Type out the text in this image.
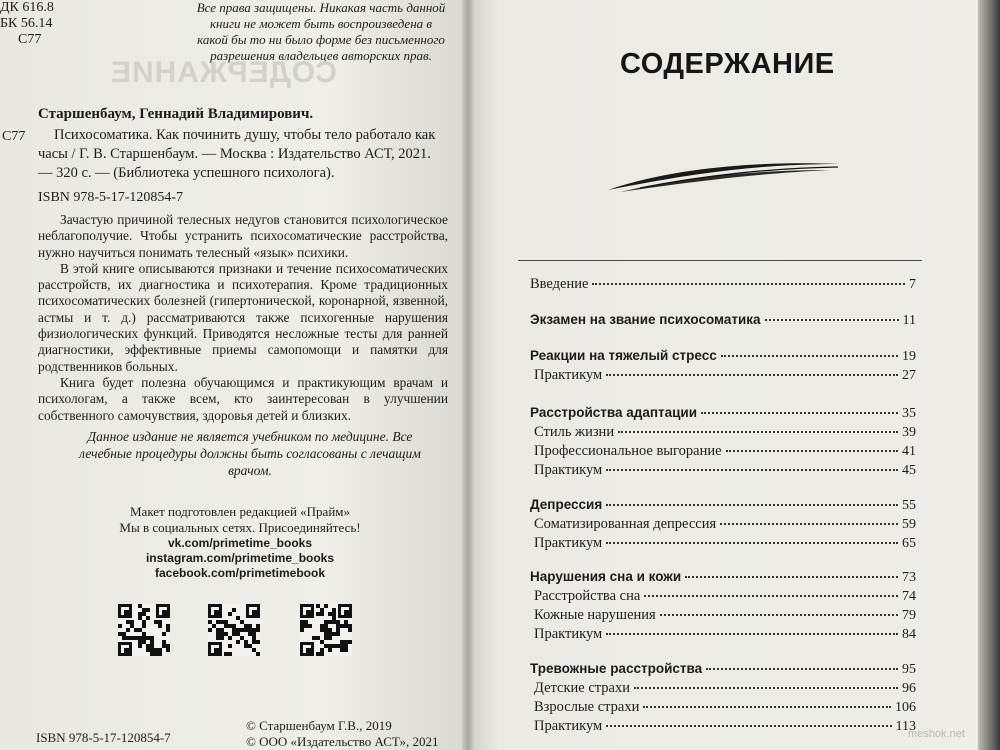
ДК 616.8
БК 56.14
С77
Все права защищены. Никакая часть данной книги не может быть воспроизведена в какой бы то ни было форме без письменного разрешения владельцев авторских прав.
СОДЕРЖАНИЕ
С77
Старшенбаум, Геннадий Владимирович.
Психосоматика. Как починить душу, чтобы тело работало как часы / Г. В. Старшенбаум. — Москва : Издательство АСТ, 2021. — 320 с. — (Библиотека успешного психолога).
ISBN 978-5-17-120854-7

Зачастую причиной телесных недугов становится психологическое неблагополучие. Чтобы устранить психосоматические расстройства, нужно научиться понимать телесный «язык» психики.

В этой книге описываются признаки и течение психосоматических расстройств, их диагностика и психотерапия. Кроме традиционных психосоматических болезней (гипертонической, коронарной, язвенной, астмы и т. д.) рассматриваются также психогенные нарушения физиологических функций. Приводятся несложные тесты для ранней диагностики, эффективные приемы самопомощи и памятки для родственников больных.

Книга будет полезна обучающимся и практикующим врачам и психологам, а также всем, кто заинтересован в улучшении собственного самочувствия, здоровья детей и близких.

Данное издание не является учебником по медицине. Все лечебные процедуры должны быть согласованы с лечащим врачом.
Макет подготовлен редакцией «Прайм»
Мы в социальных сетях. Присоединяйтесь!
vk.com/primetime_books
instagram.com/primetime_books
facebook.com/primetimebook
ISBN 978-5-17-120854-7
© Старшенбаум Г.В., 2019
© ООО «Издательство АСТ», 2021
СОДЕРЖАНИЕ
Введение	7
Экзамен на звание психосоматика	11
Реакции на тяжелый стресс	19
Практикум	27
Расстройства адаптации	35
Стиль жизни	39
Профессиональное выгорание	41
Практикум	45
Депрессия	55
Соматизированная депрессия	59
Практикум	65
Нарушения сна и кожи	73
Расстройства сна	74
Кожные нарушения	79
Практикум	84
Тревожные расстройства	95
Детские страхи	96
Взрослые страхи	106
Практикум	113
meshok.net
